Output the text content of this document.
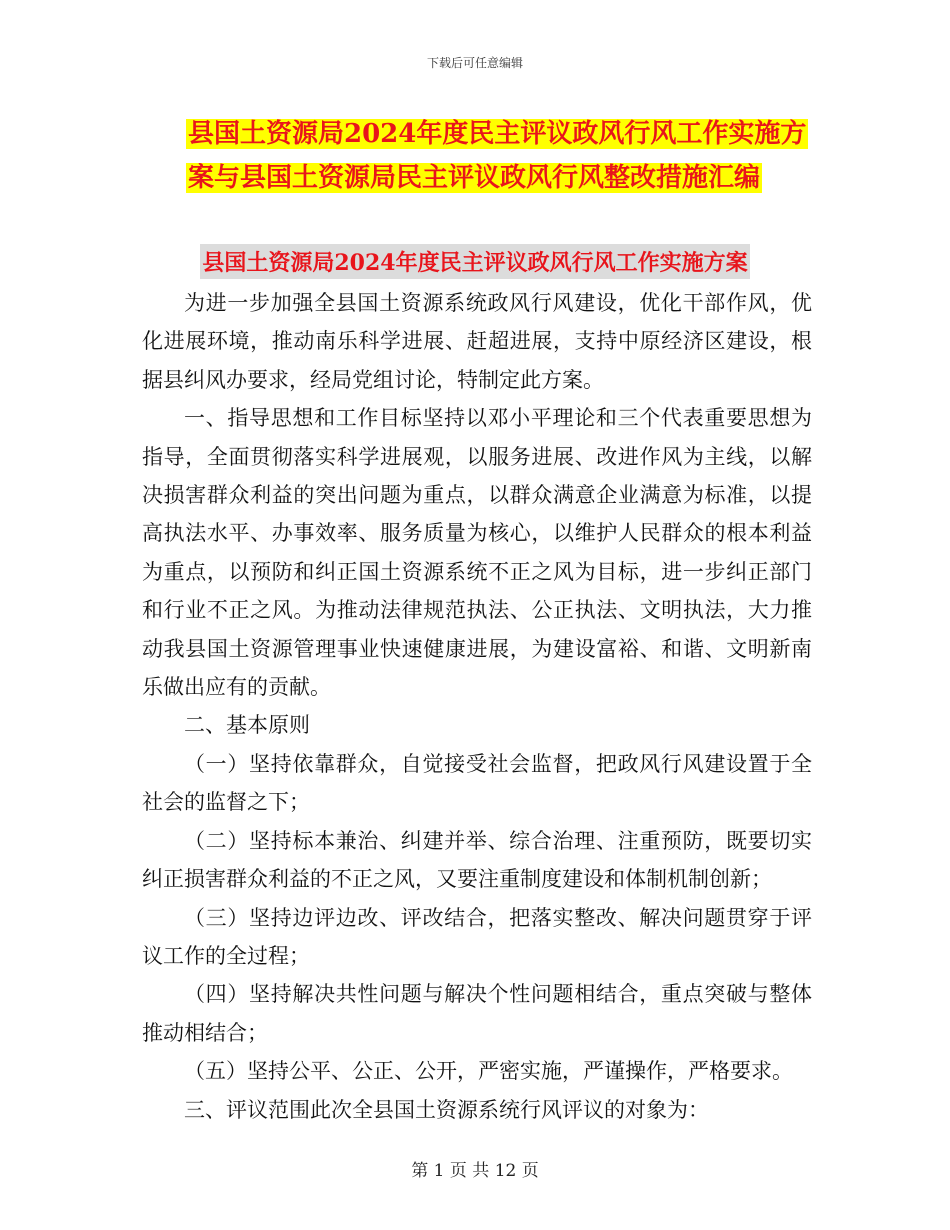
下载后可任意编辑
县国土资源局2024年度民主评议政风行风工作实施方
案与县国土资源局民主评议政风行风整改措施汇编
县国土资源局2024年度民主评议政风行风工作实施方案

为进一步加强全县国土资源系统政风行风建设，优化干部作风，优化进展环境，推动南乐科学进展、赶超进展，支持中原经济区建设，根据县纠风办要求，经局党组讨论，特制定此方案。

一、指导思想和工作目标坚持以邓小平理论和三个代表重要思想为指导，全面贯彻落实科学进展观，以服务进展、改进作风为主线，以解决损害群众利益的突出问题为重点，以群众满意企业满意为标准，以提高执法水平、办事效率、服务质量为核心，以维护人民群众的根本利益为重点，以预防和纠正国土资源系统不正之风为目标，进一步纠正部门和行业不正之风。为推动法律规范执法、公正执法、文明执法，大力推动我县国土资源管理事业快速健康进展，为建设富裕、和谐、文明新南乐做出应有的贡献。

二、基本原则

（一）坚持依靠群众，自觉接受社会监督，把政风行风建设置于全社会的监督之下；

（二）坚持标本兼治、纠建并举、综合治理、注重预防，既要切实纠正损害群众利益的不正之风，又要注重制度建设和体制机制创新；

（三）坚持边评边改、评改结合，把落实整改、解决问题贯穿于评议工作的全过程；

（四）坚持解决共性问题与解决个性问题相结合，重点突破与整体推动相结合；

（五）坚持公平、公正、公开，严密实施，严谨操作，严格要求。

三、评议范围此次全县国土资源系统行风评议的对象为：

第 1 页 共 12 页
